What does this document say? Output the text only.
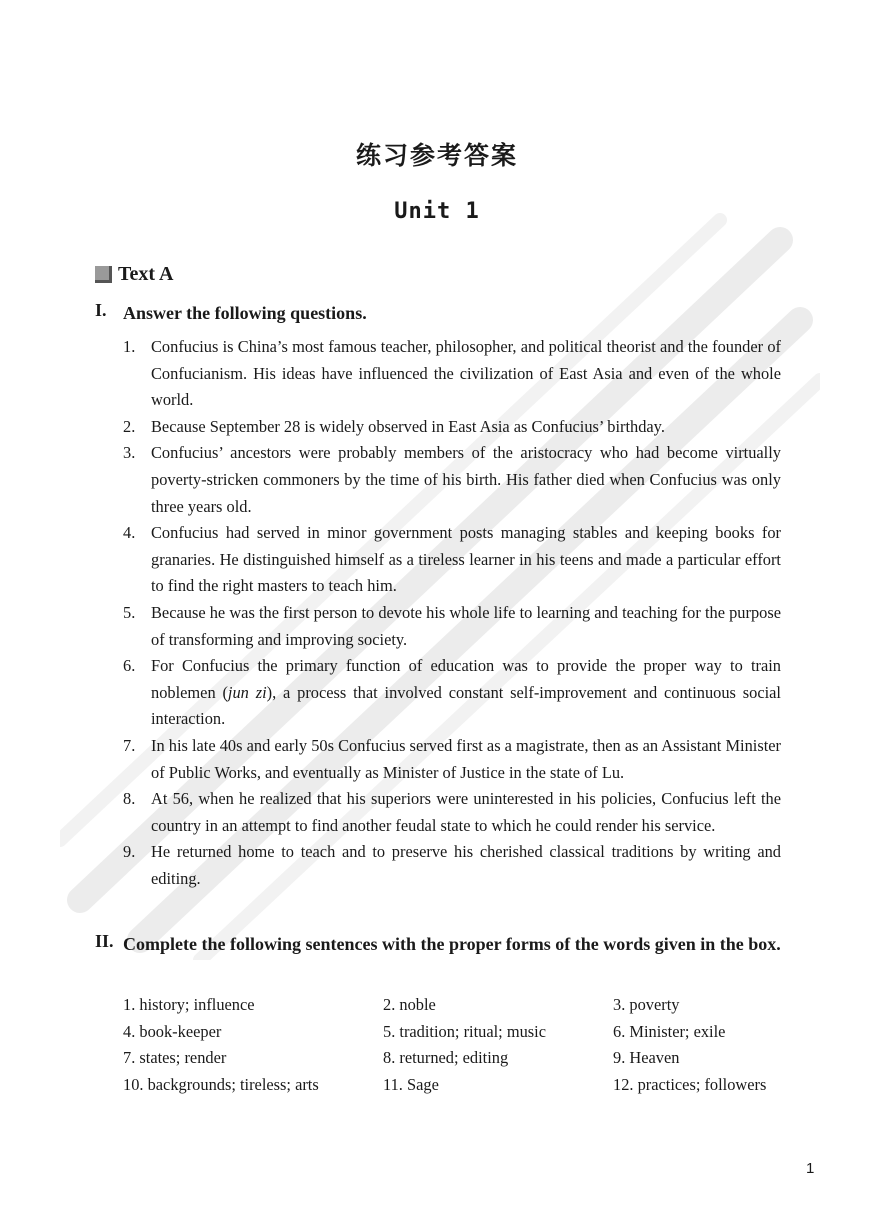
练习参考答案
Unit 1
Text A
I. Answer the following questions.
1. Confucius is China’s most famous teacher, philosopher, and political theorist and the founder of Confucianism. His ideas have influenced the civilization of East Asia and even of the whole world.
2. Because September 28 is widely observed in East Asia as Confucius’ birthday.
3. Confucius’ ancestors were probably members of the aristocracy who had become virtually poverty-stricken commoners by the time of his birth. His father died when Confucius was only three years old.
4. Confucius had served in minor government posts managing stables and keeping books for granaries. He distinguished himself as a tireless learner in his teens and made a particular effort to find the right masters to teach him.
5. Because he was the first person to devote his whole life to learning and teaching for the purpose of transforming and improving society.
6. For Confucius the primary function of education was to provide the proper way to train noblemen (jun zi), a process that involved constant self-improvement and continuous social interaction.
7. In his late 40s and early 50s Confucius served first as a magistrate, then as an Assistant Minister of Public Works, and eventually as Minister of Justice in the state of Lu.
8. At 56, when he realized that his superiors were uninterested in his policies, Confucius left the country in an attempt to find another feudal state to which he could render his service.
9. He returned home to teach and to preserve his cherished classical traditions by writing and editing.
II. Complete the following sentences with the proper forms of the words given in the box.
1. history; influence	2. noble	3. poverty
4. book-keeper	5. tradition; ritual; music	6. Minister; exile
7. states; render	8. returned; editing	9. Heaven
10. backgrounds; tireless; arts	11. Sage	12. practices; followers
1
